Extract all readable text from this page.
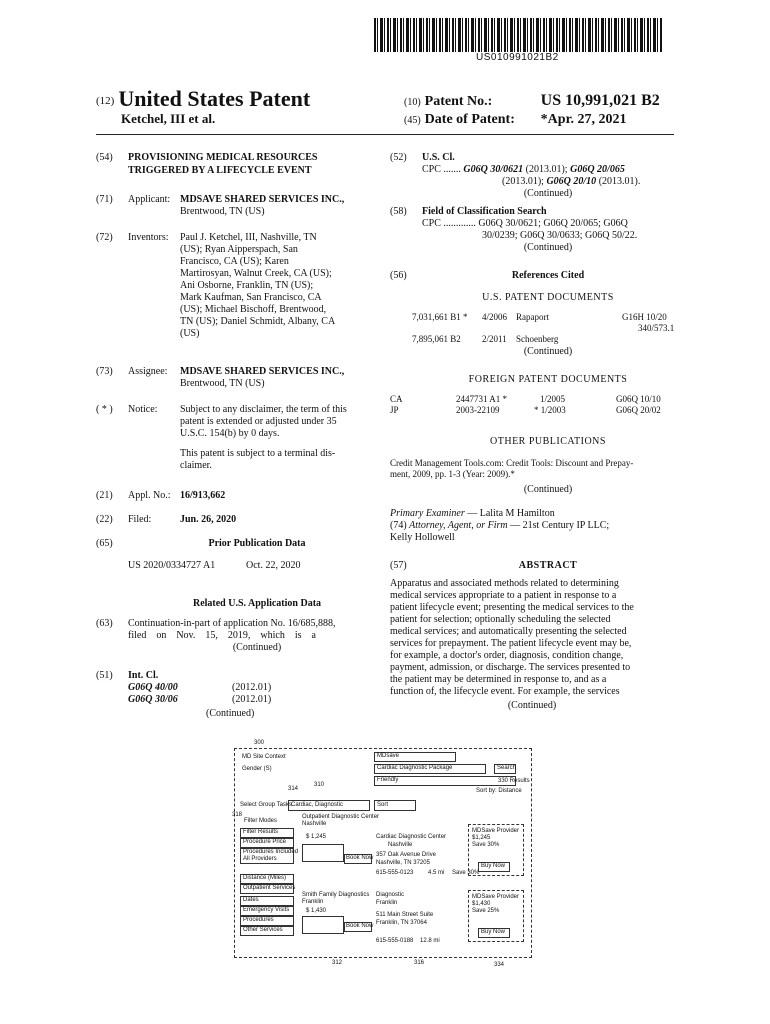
US010991021B2
(12) United States Patent
Ketchel, III et al.
(10) Patent No.:	US 10,991,021 B2
(45) Date of Patent: *Apr. 27, 2021
(54)	PROVISIONING MEDICAL RESOURCES
TRIGGERED BY A LIFECYCLE EVENT
(71)	Applicant: MDSAVE SHARED SERVICES INC.,
Brentwood, TN (US)
(72)	Inventors: Paul J. Ketchel, III, Nashville, TN
(US); Ryan Aipperspach, San
Francisco, CA (US); Karen
Martirosyan, Walnut Creek, CA (US);
Ani Osborne, Franklin, TN (US);
Mark Kaufman, San Francisco, CA
(US); Michael Bischoff, Brentwood,
TN (US); Daniel Schmidt, Albany, CA
(US)
(73)	Assignee: MDSAVE SHARED SERVICES INC.,
Brentwood, TN (US)
( * )	Notice: Subject to any disclaimer, the term of this
patent is extended or adjusted under 35
U.S.C. 154(b) by 0 days.
This patent is subject to a terminal dis-
claimer.
(21)	Appl. No.: 16/913,662
(22)	Filed:	Jun. 26, 2020
(65)	Prior Publication Data
US 2020/0334727 A1	Oct. 22, 2020
Related U.S. Application Data
(63)	Continuation-in-part of application No. 16/685,888,
filed    on    Nov.    15,    2019,    which    is    a
(Continued)
(51)	Int. Cl.
G06Q 40/00	(2012.01)
G06Q 30/06	(2012.01)
(Continued)
(52)	U.S. Cl.
CPC ....... G06Q 30/0621 (2013.01); G06Q 20/065
(2013.01); G06Q 20/10 (2013.01).
(Continued)
(58)	Field of Classification Search
CPC ............. G06Q 30/0621; G06Q 20/065; G06Q
30/0239; G06Q 30/0633; G06Q 50/22.
(Continued)
(56)	References Cited
U.S. PATENT DOCUMENTS
7,031,661 B1 * 4/2006 Rapaport	G16H 10/20
340/573.1
7,895,061 B2 2/2011 Schoenberg
(Continued)
FOREIGN PATENT DOCUMENTS
CA	2447731 A1 *	1/2005	G06Q 10/10
JP	2003-22109	* 1/2003	G06Q 20/02
OTHER PUBLICATIONS
Credit Management Tools.com: Credit Tools: Discount and Prepay-
ment, 2009, pp. 1-3 (Year: 2009).*
(Continued)
Primary Examiner — Lalita M Hamilton
(74) Attorney, Agent, or Firm — 21st Century IP LLC;
Kelly Hollowell
(57)	ABSTRACT
Apparatus and associated methods related to determining
medical services appropriate to a patient in response to a
patient lifecycle event; presenting the medical services to the
patient for selection; optionally scheduling the selected
medical services; and automatically presenting the selected
services for prepayment. The patient lifecycle event may be,
for example, a doctor's order, diagnosis, condition change,
payment, admission, or discharge. The services presented to
the patient may be determined in response to, and as a
function of, the lifecycle event. For example, the services
(Continued)
300
MD Site Context
Gender (S)
314
310
MDsave
Cardiac Diagnostic Package	Search
Friendly	330 Results
Sort by: Distance
Select Group Tasks Cardiac, Diagnostic	Sort
318
Filter Modes
Filter Results
Procedure Price
Procedures Included
All Providers
Distance (Miles)
Outpatient Services
Dates
Emergency Visits
Procedures
Other Services
Outpatient Diagnostic Center
Nashville
$ 1,245
Book Now
Cardiac Diagnostic Center
Nashville
357 Oak Avenue Drive
Nashville, TN 37205
615-555-0123 4.5 mi Save 30%
MDSave Provider
$1,245
Save 30%
Buy Now
Smith Family Diagnostics
Franklin
$ 1,430
Book Now
Diagnostic
Franklin
511 Main Street Suite
Franklin, TN 37064
615-555-0188 12.8 mi
MDSave Provider
$1,430
Save 25%
Buy Now
312	316	334
